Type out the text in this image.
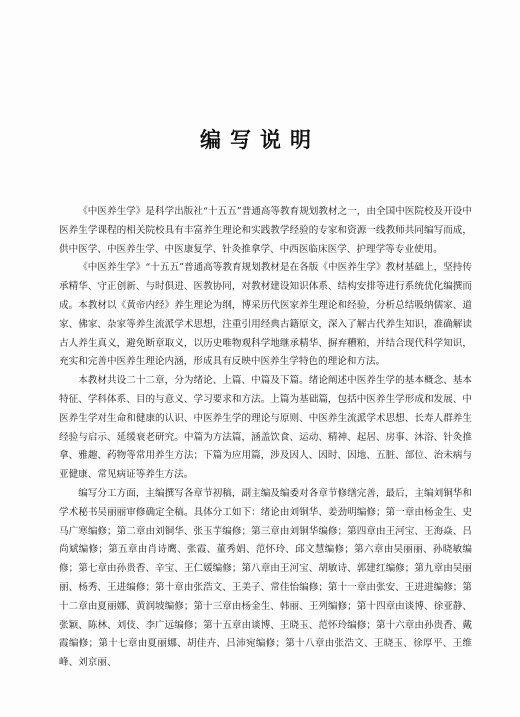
编写说明

《中医养生学》是科学出版社“十五五”普通高等教育规划教材之一，由全国中医院校及开设中医养生学课程的相关院校具有丰富养生理论和实践教学经验的专家和资源一线教师共同编写而成，供中医学、中医养生学、中医康复学、针灸推拿学、中西医临床医学、护理学等专业使用。

《中医养生学》“十五五”普通高等教育规划教材是在各版《中医养生学》教材基础上，坚持传承精华、守正创新、与时俱进、医教协同，对教材建设知识体系、结构安排等进行系统优化编撰而成。本教材以《黄帝内经》养生理论为纲，博采历代医家养生理论和经验，分析总结吸纳儒家、道家、佛家、杂家等养生流派学术思想，注重引用经典古籍原文，深入了解古代养生知识，准确解读古人养生真义，避免断章取义，以历史唯物观科学地继承精华、摒弃糟粕，并结合现代科学知识，充实和完善中医养生理论内涵，形成具有反映中医养生学特色的理论和方法。

本教材共设二十二章，分为绪论、上篇、中篇及下篇。绪论阐述中医养生学的基本概念、基本特征、学科体系、目的与意义、学习要求和方法。上篇为基础篇，包括中医养生学形成和发展、中医养生学对生命和健康的认识、中医养生学的理论与原则、中医养生流派学术思想、长寿人群养生经验与启示、延缓衰老研究。中篇为方法篇，涵盖饮食、运动、精神、起居、房事、沐浴、针灸推拿、雅趣、药物等常用养生方法；下篇为应用篇，涉及因人、因时、因地、五脏、部位、治未病与亚健康、常见病证等养生方法。

编写分工方面，主编撰写各章节初稿，副主编及编委对各章节修缮完善，最后，主编刘铜华和学术秘书吴丽丽审修确定全稿。具体分工如下：绪论由刘铜华、姜劲明编修；第一章由杨金生、史马广寒编修；第二章由刘铜华、张玉芋编修；第三章由刘铜华编修；第四章由王河宝、王海焱、吕尚斌编修；第五章由肖诗鹰、张霞、董秀娟、范怀玲、邱文慧编修；第六章由吴丽丽、孙晓敏编修；第七章由孙贵香、辛宝、王仁媛编修；第八章由王河宝、胡敏诗、郭建红编修；第九章由吴丽丽、杨秀、王进编修；第十章由张浩文、王美子、常佳怡编修；第十一章由张安、王进进编修；第十二章由夏丽娜、黄润坡编修；第十三章由杨金生、韩丽、王列编修；第十四章由谈博、徐亚静、张颖、陈林、刘伎、李广远编修；第十五章由谈博、王晓玉、范怀玲编修；第十六章由孙贵香、戴霞编修；第十七章由夏丽娜、胡佳卉、吕沛宛编修；第十八章由张浩文、王晓玉、徐厚平、王维峰、刘京丽、
